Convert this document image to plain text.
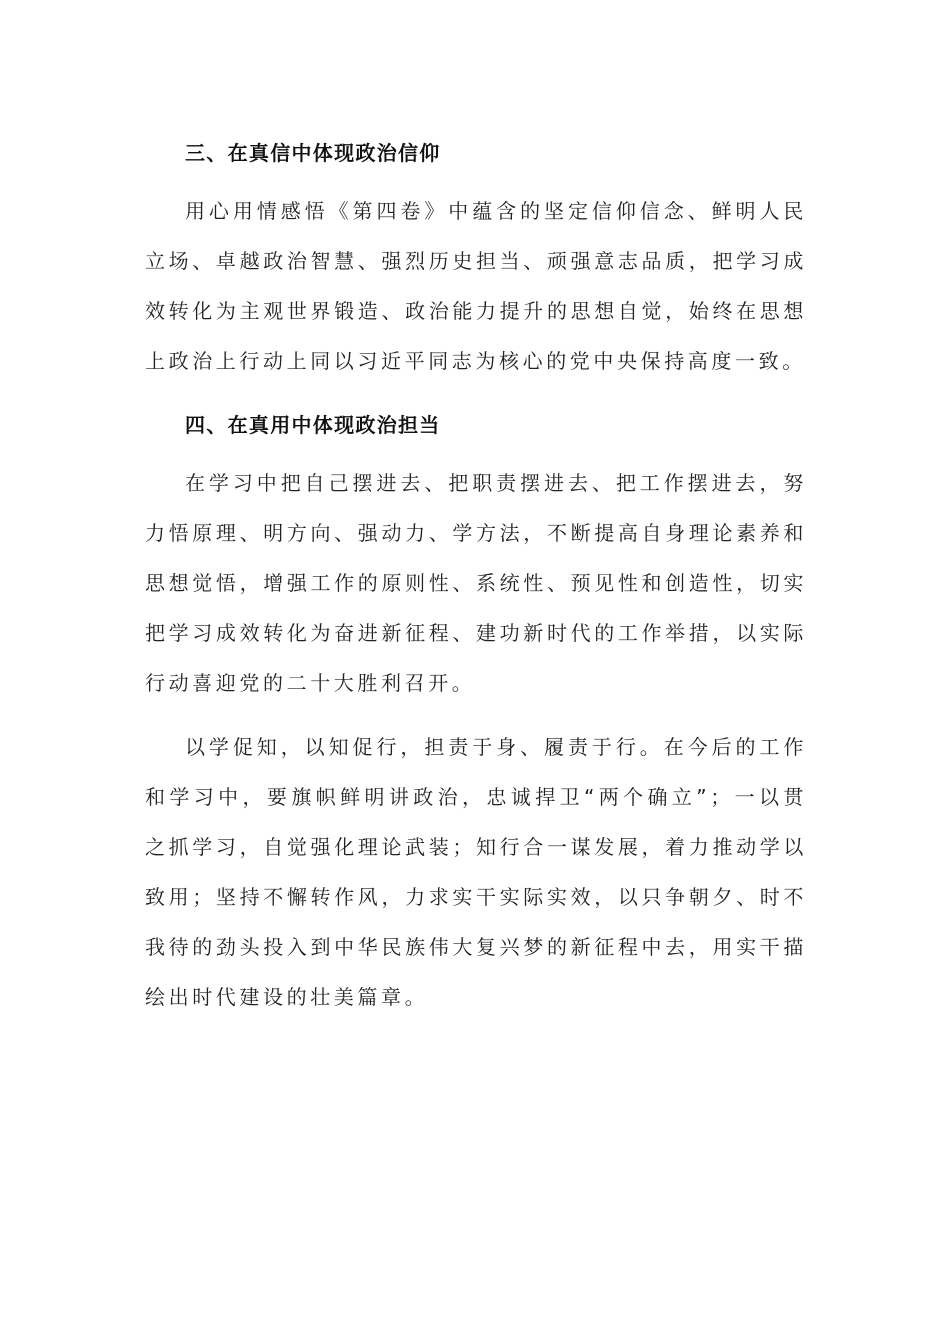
三、在真信中体现政治信仰

用心用情感悟《第四卷》中蕴含的坚定信仰信念、鲜明人民立场、卓越政治智慧、强烈历史担当、顽强意志品质，把学习成效转化为主观世界锻造、政治能力提升的思想自觉，始终在思想上政治上行动上同以习近平同志为核心的党中央保持高度一致。

四、在真用中体现政治担当

在学习中把自己摆进去、把职责摆进去、把工作摆进去，努力悟原理、明方向、强动力、学方法，不断提高自身理论素养和思想觉悟，增强工作的原则性、系统性、预见性和创造性，切实把学习成效转化为奋进新征程、建功新时代的工作举措，以实际行动喜迎党的二十大胜利召开。

以学促知，以知促行，担责于身、履责于行。在今后的工作和学习中，要旗帜鲜明讲政治，忠诚捍卫“两个确立”；一以贯之抓学习，自觉强化理论武装；知行合一谋发展，着力推动学以致用；坚持不懈转作风，力求实干实际实效，以只争朝夕、时不我待的劲头投入到中华民族伟大复兴梦的新征程中去，用实干描绘出时代建设的壮美篇章。
